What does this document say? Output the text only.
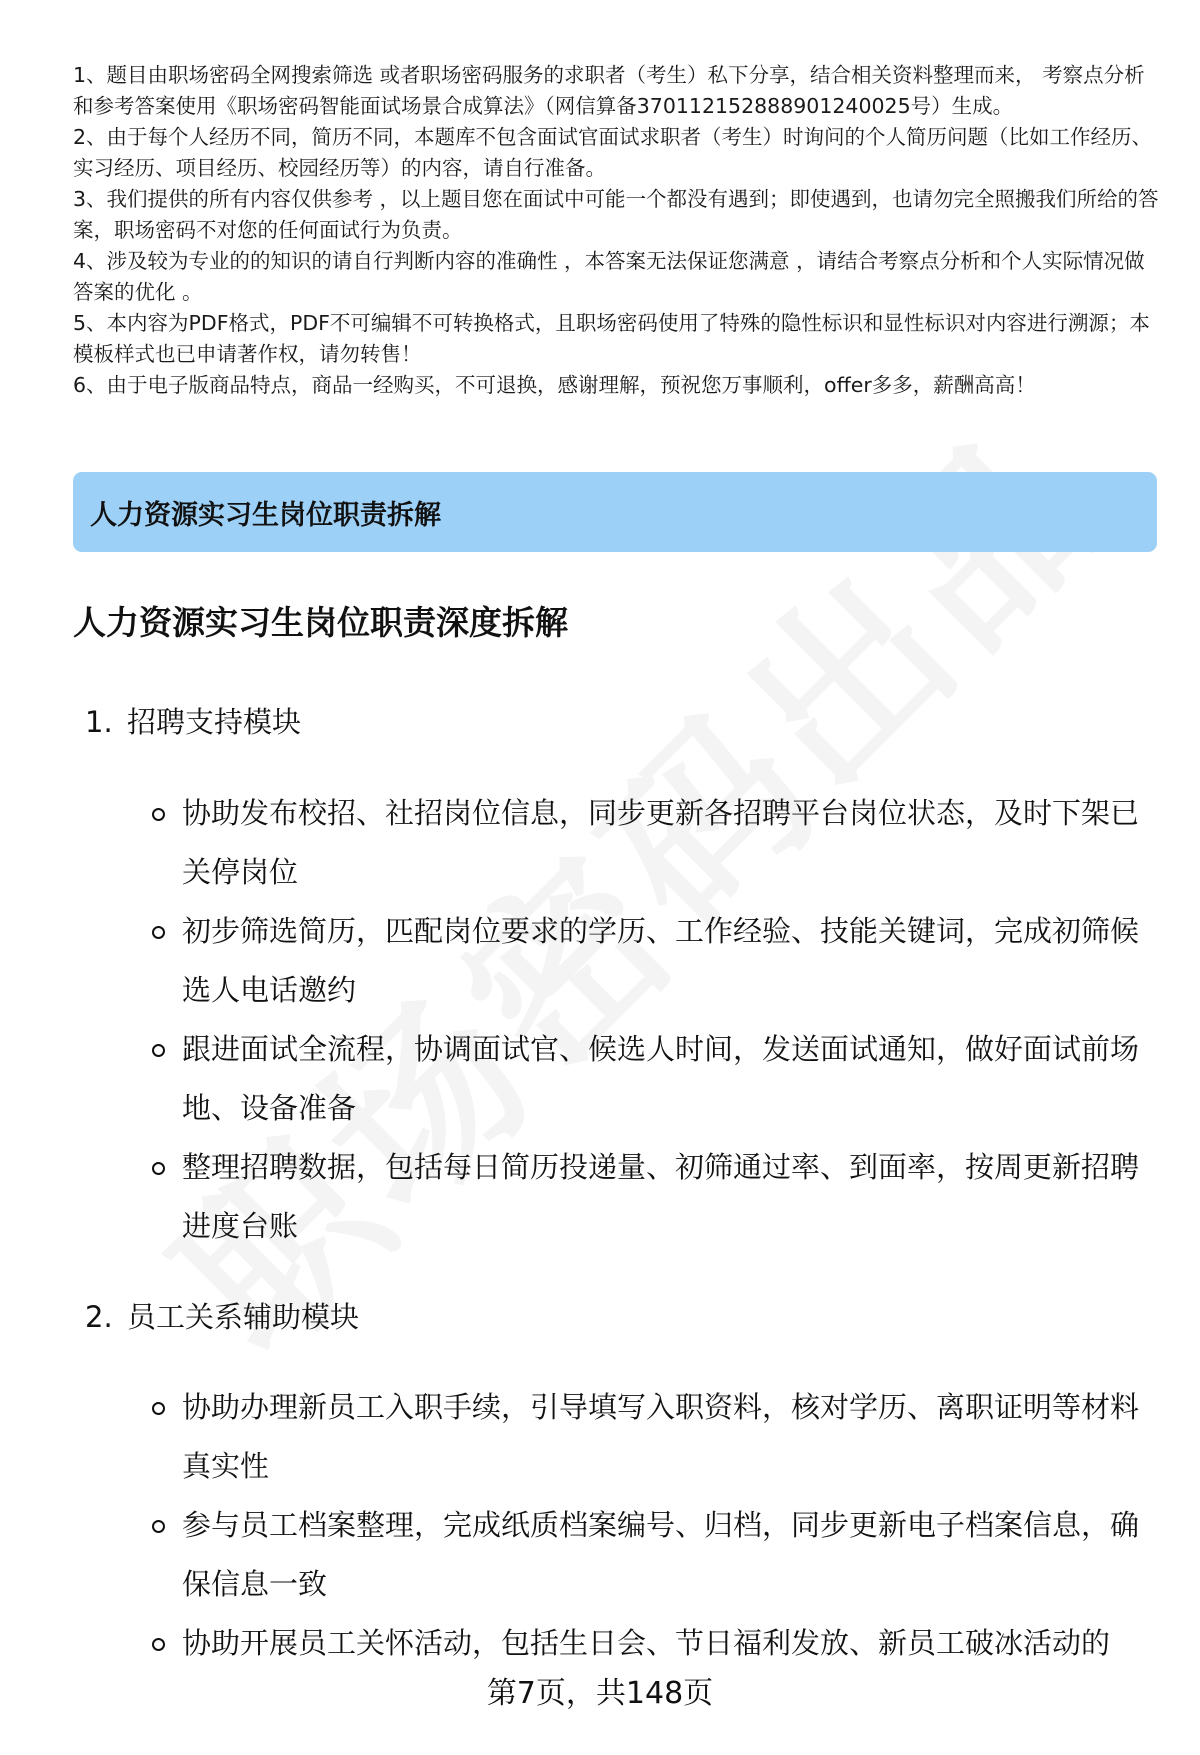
1、题目由职场密码全网搜索筛选 或者职场密码服务的求职者（考生）私下分享，结合相关资料整理而来， 考察点分析和参考答案使用《职场密码智能面试场景合成算法》（网信算备370112152888901240025号）生成。
2、由于每个人经历不同，简历不同，本题库不包含面试官面试求职者（考生）时询问的个人简历问题（比如工作经历、实习经历、项目经历、校园经历等）的内容，请自行准备。
3、我们提供的所有内容仅供参考 ，以上题目您在面试中可能一个都没有遇到；即使遇到，也请勿完全照搬我们所给的答案，职场密码不对您的任何面试行为负责。
4、涉及较为专业的的知识的请自行判断内容的准确性 ，本答案无法保证您满意 ，请结合考察点分析和个人实际情况做答案的优化 。
5、本内容为PDF格式，PDF不可编辑不可转换格式，且职场密码使用了特殊的隐性标识和显性标识对内容进行溯源；本模板样式也已申请著作权，请勿转售！
6、由于电子版商品特点，商品一经购买，不可退换，感谢理解，预祝您万事顺利，offer多多，薪酬高高！
人力资源实习生岗位职责拆解
人力资源实习生岗位职责深度拆解
1. 招聘支持模块
协助发布校招、社招岗位信息，同步更新各招聘平台岗位状态，及时下架已关停岗位
初步筛选简历，匹配岗位要求的学历、工作经验、技能关键词，完成初筛候选人电话邀约
跟进面试全流程，协调面试官、候选人时间，发送面试通知，做好面试前场地、设备准备
整理招聘数据，包括每日简历投递量、初筛通过率、到面率，按周更新招聘进度台账
2. 员工关系辅助模块
协助办理新员工入职手续，引导填写入职资料，核对学历、离职证明等材料真实性
参与员工档案整理，完成纸质档案编号、归档，同步更新电子档案信息，确保信息一致
协助开展员工关怀活动，包括生日会、节日福利发放、新员工破冰活动的
第7页，共148页
